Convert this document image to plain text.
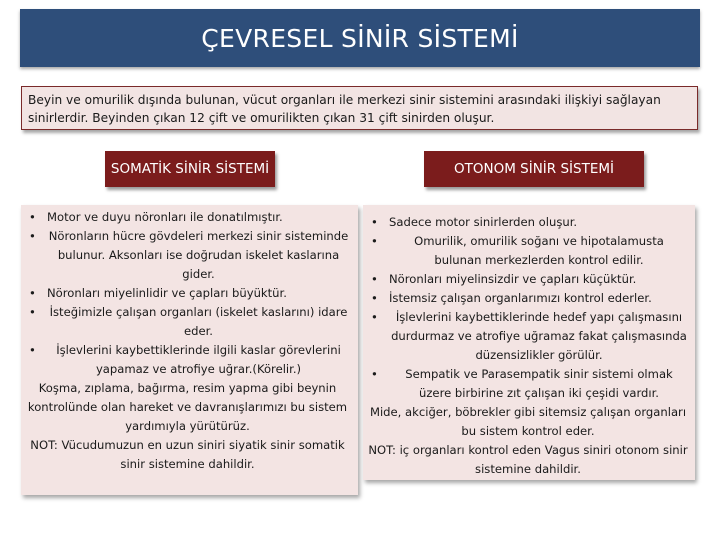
ÇEVRESEL SİNİR SİSTEMİ
Beyin ve omurilik dışında bulunan, vücut organları ile merkezi sinir sistemini arasındaki ilişkiyi sağlayan sinirlerdir. Beyinden çıkan 12 çift ve omurilikten çıkan 31 çift sinirden oluşur.
SOMATİK SİNİR SİSTEMİ	OTONOM SİNİR SİSTEMİ
• Motor ve duyu nöronları ile donatılmıştır.
• Nöronların hücre gövdeleri merkezi sinir sisteminde bulunur. Aksonları ise doğrudan iskelet kaslarına gider.
• Nöronları miyelinlidir ve çapları büyüktür.
• İsteğimizle çalışan organları (iskelet kaslarını) idare eder.
•	İşlevlerini kaybettiklerinde ilgili kaslar görevlerini yapamaz ve atrofiye uğrar.(Körelir.)
Koşma, zıplama, bağırma, resim yapma gibi beynin kontrolünde olan hareket ve davranışlarımızı bu sistem yardımıyla yürütürüz.
NOT: Vücudumuzun en uzun siniri siyatik sinir somatik sinir sistemine dahildir.
• Sadece motor sinirlerden oluşur.
•	Omurilik, omurilik soğanı ve hipotalamusta bulunan merkezlerden kontrol edilir.
• Nöronları miyelinsizdir ve çapları küçüktür.
• İstemsiz çalışan organlarımızı kontrol ederler.
•	İşlevlerini kaybettiklerinde hedef yapı çalışmasını durdurmaz ve atrofiye uğramaz fakat çalışmasında düzensizlikler görülür.
•	Sempatik ve Parasempatik sinir sistemi olmak üzere birbirine zıt çalışan iki çeşidi vardır.
Mide, akciğer, böbrekler gibi sitemsiz çalışan organları bu sistem kontrol eder.
NOT: iç organları kontrol eden Vagus siniri otonom sinir sistemine dahildir.
